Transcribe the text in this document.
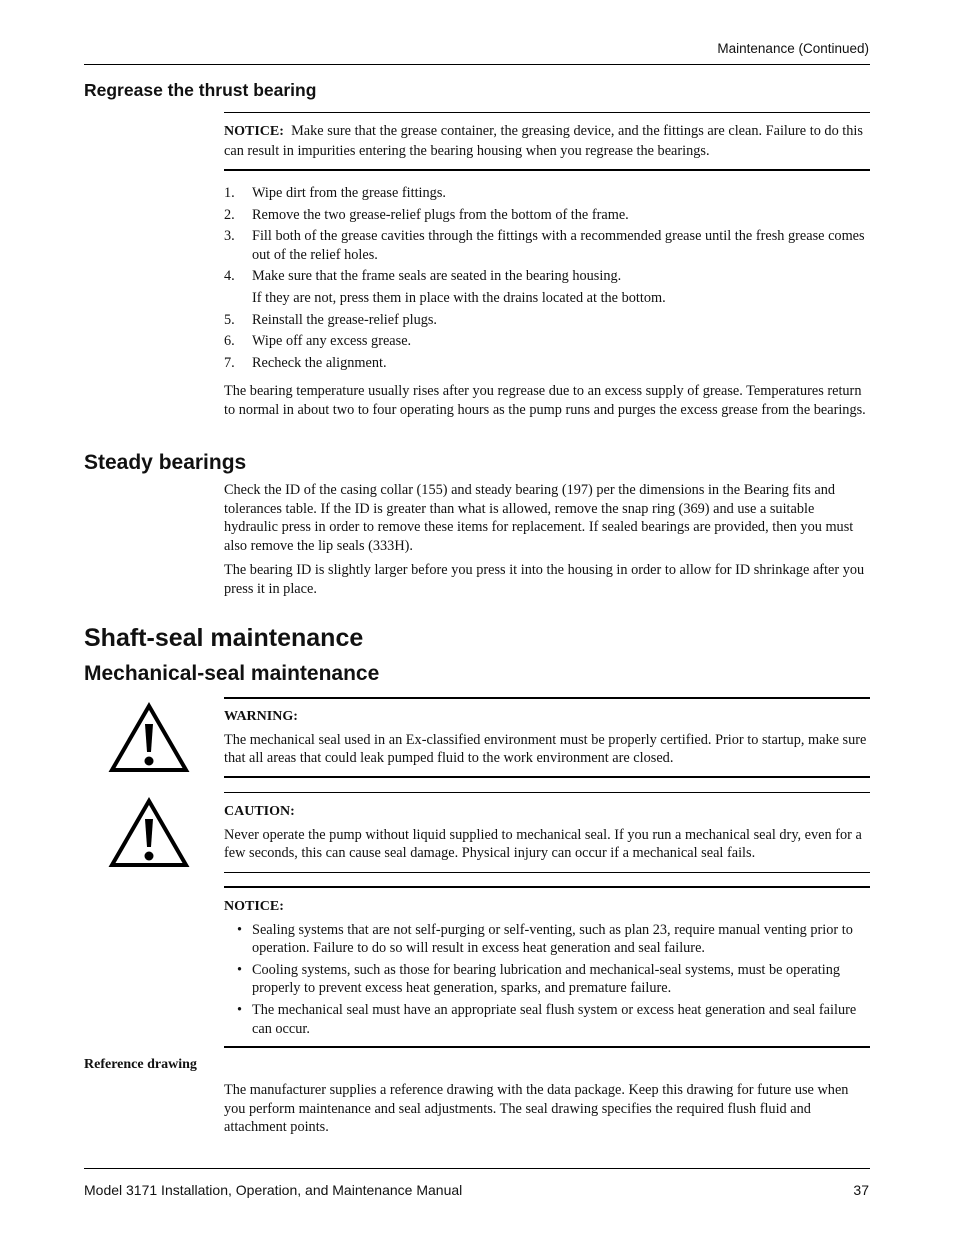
Maintenance (Continued)
Regrease the thrust bearing
NOTICE: Make sure that the grease container, the greasing device, and the fittings are clean. Failure to do this can result in impurities entering the bearing housing when you regrease the bearings.
1. Wipe dirt from the grease fittings.
2. Remove the two grease-relief plugs from the bottom of the frame.
3. Fill both of the grease cavities through the fittings with a recommended grease until the fresh grease comes out of the relief holes.
4. Make sure that the frame seals are seated in the bearing housing.
If they are not, press them in place with the drains located at the bottom.
5. Reinstall the grease-relief plugs.
6. Wipe off any excess grease.
7. Recheck the alignment.

The bearing temperature usually rises after you regrease due to an excess supply of grease. Temperatures return to normal in about two to four operating hours as the pump runs and purges the excess grease from the bearings.

Steady bearings

Check the ID of the casing collar (155) and steady bearing (197) per the dimensions in the Bearing fits and tolerances table. If the ID is greater than what is allowed, remove the snap ring (369) and use a suitable hydraulic press in order to remove these items for replacement. If sealed bearings are provided, then you must also remove the lip seals (333H).

The bearing ID is slightly larger before you press it into the housing in order to allow for ID shrinkage after you press it in place.

Shaft-seal maintenance
Mechanical-seal maintenance
WARNING:

The mechanical seal used in an Ex-classified environment must be properly certified. Prior to startup, make sure that all areas that could leak pumped fluid to the work environment are closed.

CAUTION:

Never operate the pump without liquid supplied to mechanical seal. If you run a mechanical seal dry, even for a few seconds, this can cause seal damage. Physical injury can occur if a mechanical seal fails.

NOTICE:
• Sealing systems that are not self-purging or self-venting, such as plan 23, require manual venting prior to operation. Failure to do so will result in excess heat generation and seal failure.
• Cooling systems, such as those for bearing lubrication and mechanical-seal systems, must be operating properly to prevent excess heat generation, sparks, and premature failure.
• The mechanical seal must have an appropriate seal flush system or excess heat generation and seal failure can occur.
Reference drawing

The manufacturer supplies a reference drawing with the data package. Keep this drawing for future use when you perform maintenance and seal adjustments. The seal drawing specifies the required flush fluid and attachment points.

Model 3171 Installation, Operation, and Maintenance Manual	37
